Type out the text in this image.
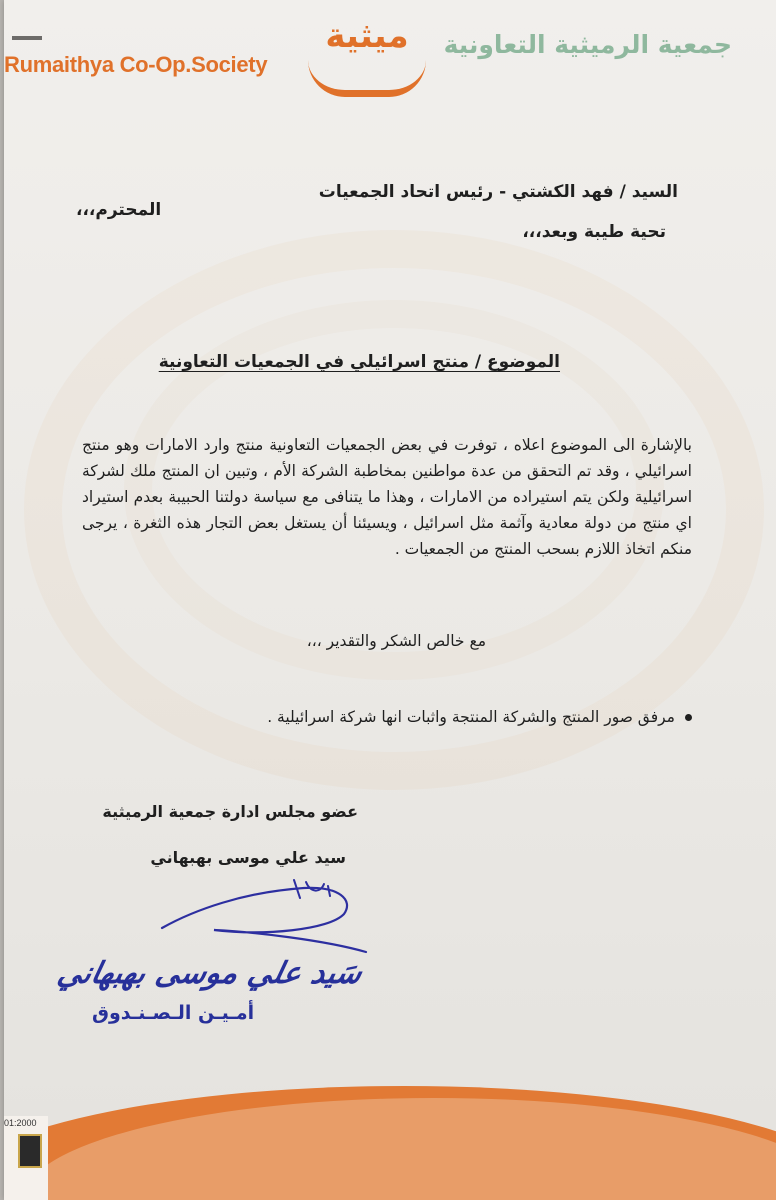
Rumaithya Co-Op.Society
ميثية	جمعية الرميثية التعاونية
السيد / فهد الكشتي - رئيس اتحاد الجمعيات
المحترم،،،
تحية طيبة وبعد،،،
الموضوع / منتج اسرائيلي في الجمعيات التعاونية
بالإشارة الى الموضوع اعلاه ، توفرت في بعض الجمعيات التعاونية منتج وارد الامارات وهو منتج اسرائيلي ، وقد تم التحقق من عدة مواطنين بمخاطبة الشركة الأم ، وتبين ان المنتج ملك لشركة اسرائيلية ولكن يتم استيراده من الامارات ، وهذا ما يتنافى مع سياسة دولتنا الحبيبة بعدم استيراد اي منتج من دولة معادية وآثمة مثل اسرائيل ، ويسيئنا أن يستغل بعض التجار هذه الثغرة ، يرجى منكم اتخاذ اللازم بسحب المنتج من الجمعيات .
مع خالص الشكر والتقدير ،،،
مرفق صور المنتج والشركة المنتجة واثبات انها شركة اسرائيلية .
عضو مجلس ادارة جمعية الرميثية
سيد علي موسى بهبهاني
سَيد علي موسى بهبهاني
أمـيـن الـصـنـدوق
01:2000
